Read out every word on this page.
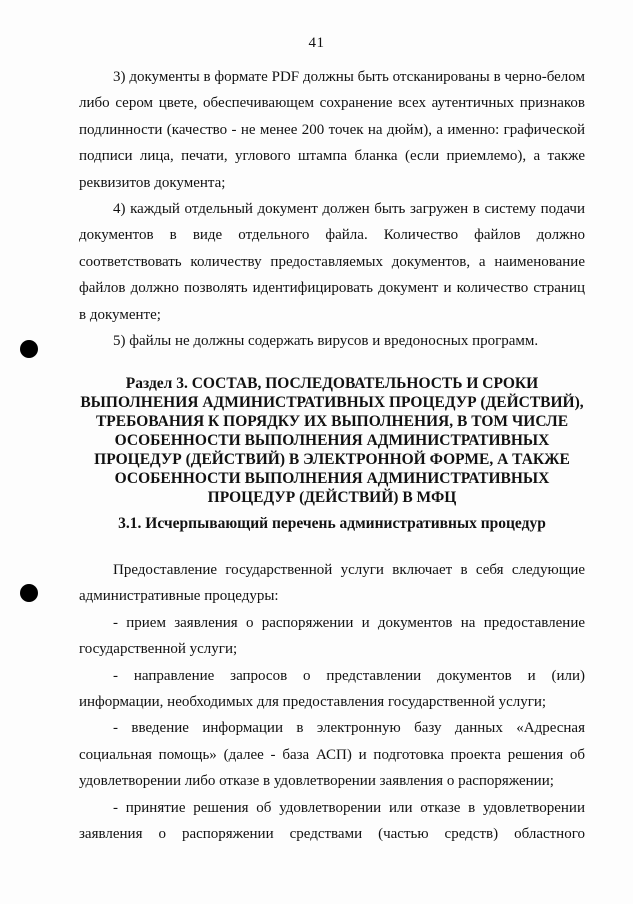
41

3) документы в формате PDF должны быть отсканированы в черно-белом либо сером цвете, обеспечивающем сохранение всех аутентичных признаков подлинности (качество - не менее 200 точек на дюйм), а именно: графической подписи лица, печати, углового штампа бланка (если приемлемо), а также реквизитов документа;

4) каждый отдельный документ должен быть загружен в систему подачи документов в виде отдельного файла. Количество файлов должно соответствовать количеству предоставляемых документов, а наименование файлов должно позволять идентифицировать документ и количество страниц в документе;

5) файлы не должны содержать вирусов и вредоносных программ.

Раздел 3. СОСТАВ, ПОСЛЕДОВАТЕЛЬНОСТЬ И СРОКИ
ВЫПОЛНЕНИЯ АДМИНИСТРАТИВНЫХ ПРОЦЕДУР (ДЕЙСТВИЙ),
ТРЕБОВАНИЯ К ПОРЯДКУ ИХ ВЫПОЛНЕНИЯ, В ТОМ ЧИСЛЕ
ОСОБЕННОСТИ ВЫПОЛНЕНИЯ АДМИНИСТРАТИВНЫХ
ПРОЦЕДУР (ДЕЙСТВИЙ) В ЭЛЕКТРОННОЙ ФОРМЕ, А ТАКЖЕ
ОСОБЕННОСТИ ВЫПОЛНЕНИЯ АДМИНИСТРАТИВНЫХ
ПРОЦЕДУР (ДЕЙСТВИЙ) В МФЦ
3.1. Исчерпывающий перечень административных процедур

Предоставление государственной услуги включает в себя следующие административные процедуры:

- прием заявления о распоряжении и документов на предоставление государственной услуги;

- направление запросов о представлении документов и (или) информации, необходимых для предоставления государственной услуги;

- введение информации в электронную базу данных «Адресная социальная помощь» (далее - база АСП) и подготовка проекта решения об удовлетворении либо отказе в удовлетворении заявления о распоряжении;

- принятие решения об удовлетворении или отказе в удовлетворении заявления о распоряжении средствами (частью средств) областного
